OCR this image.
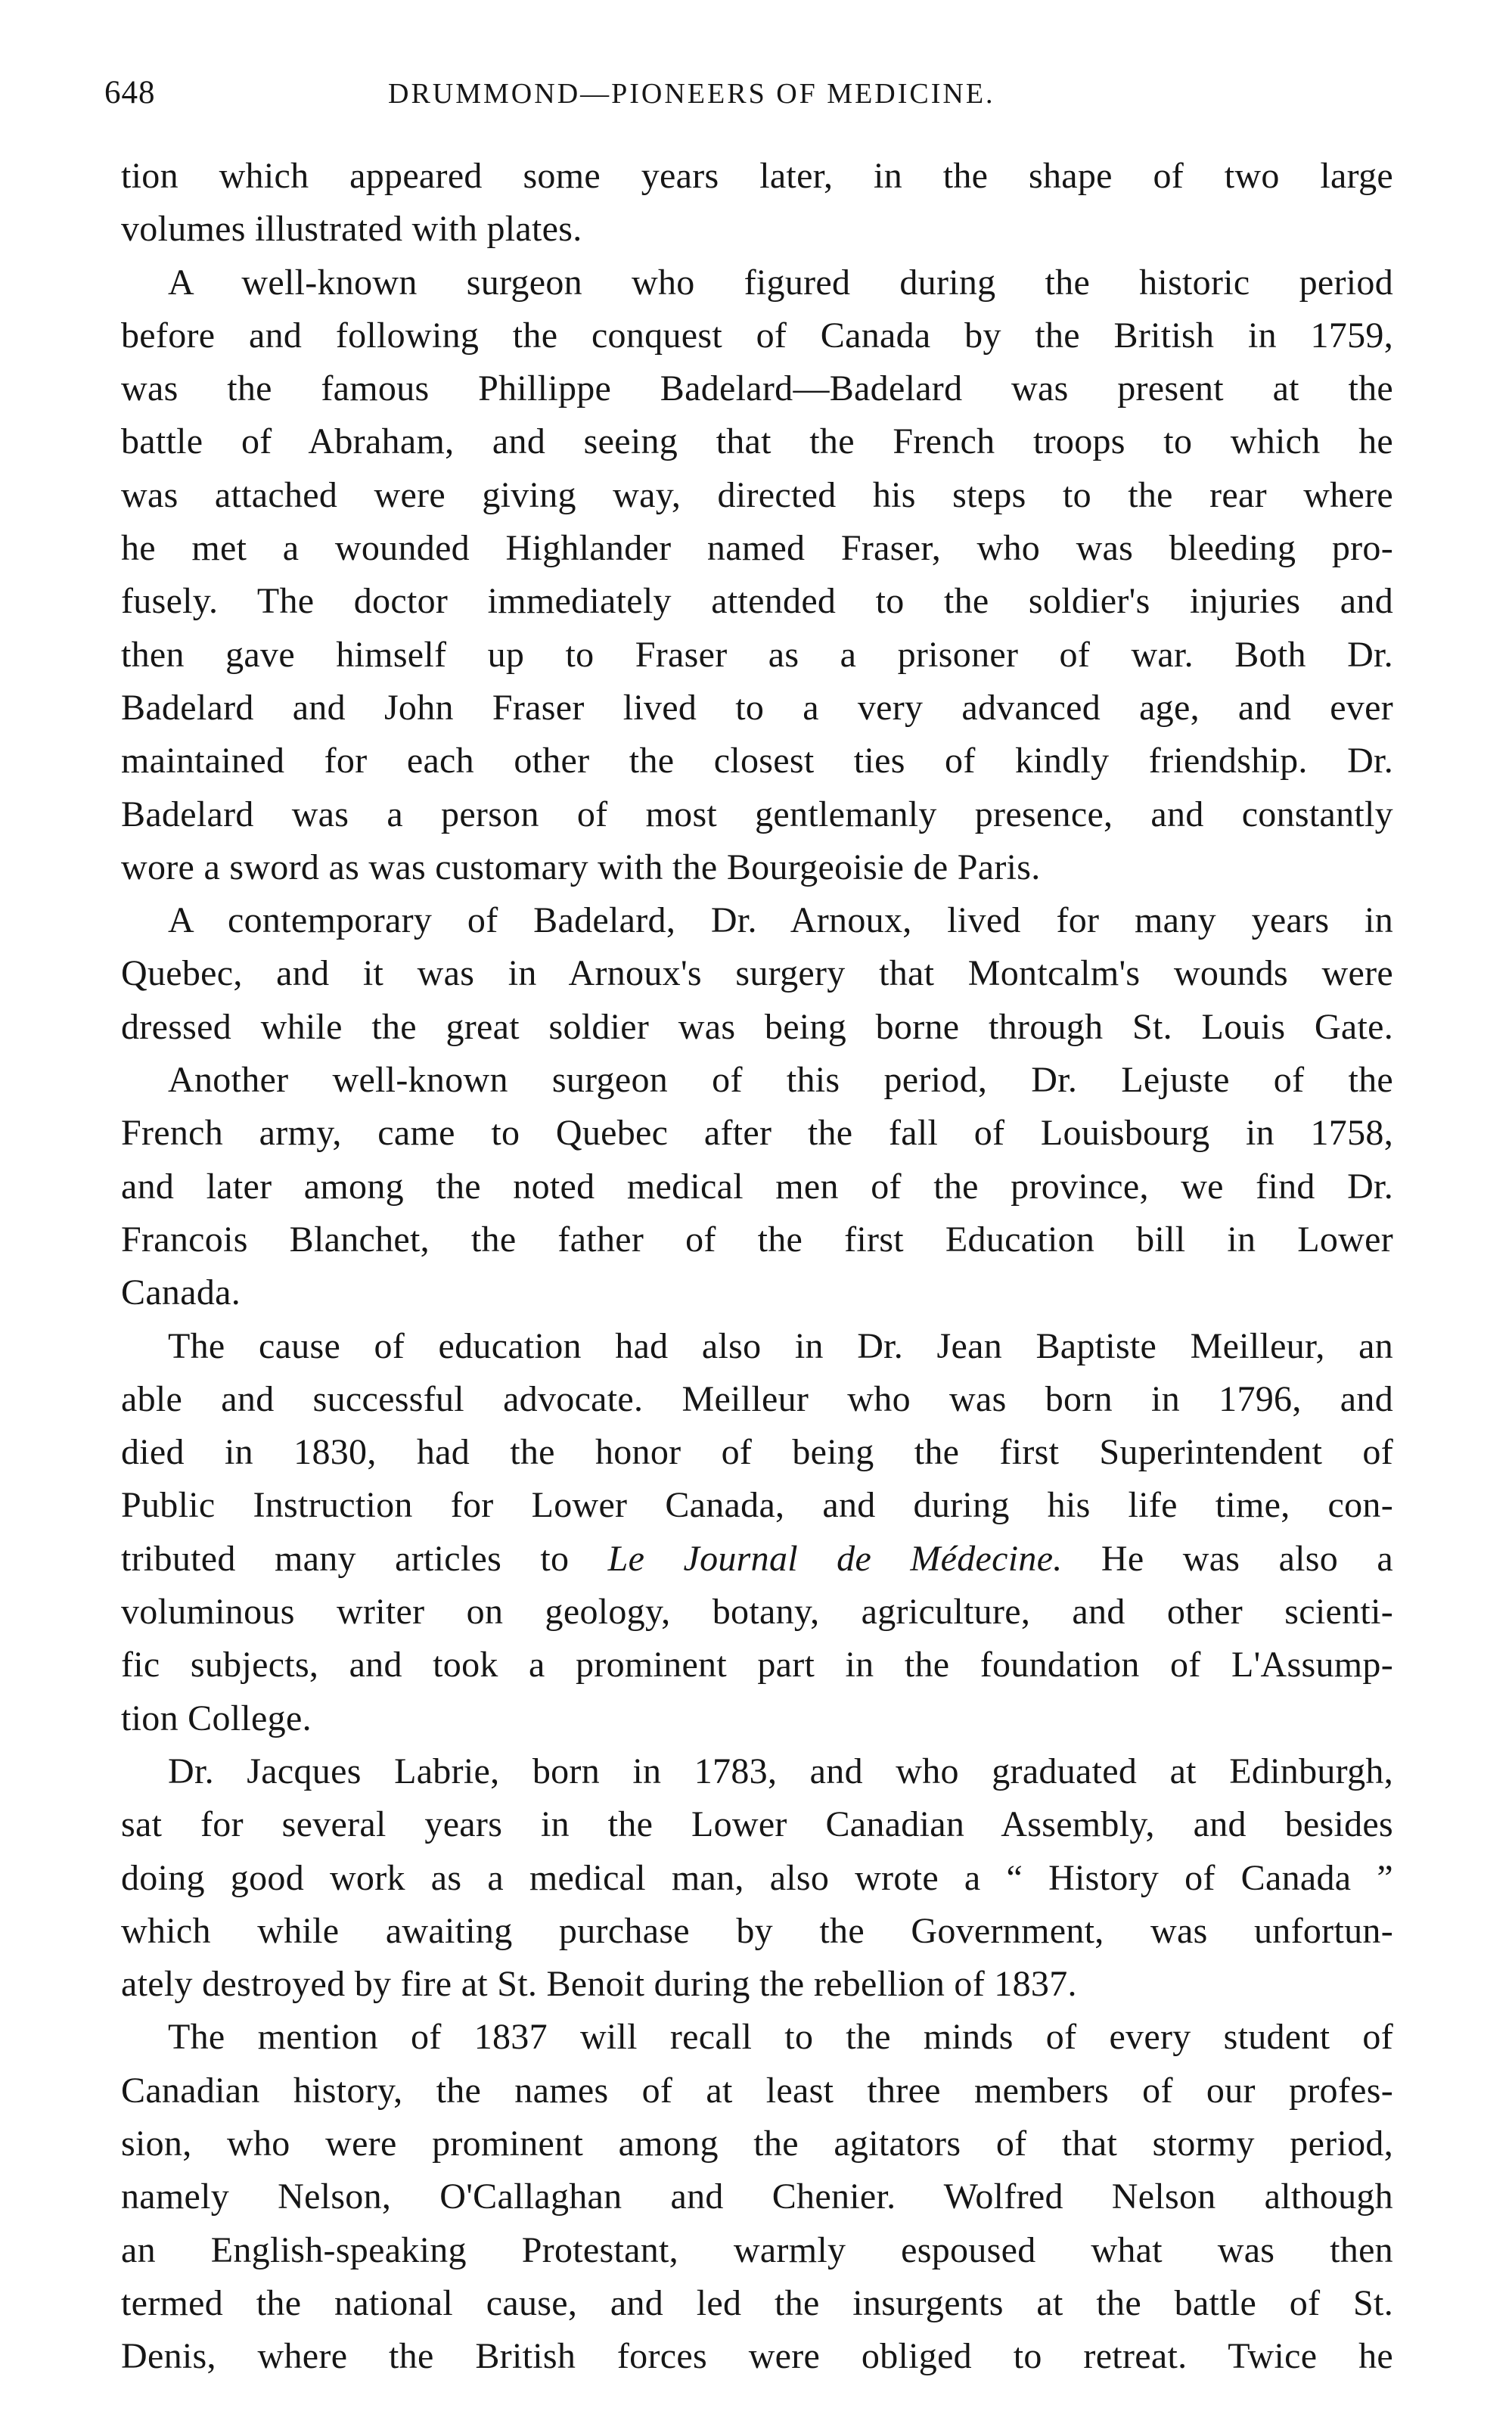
648	DRUMMOND—PIONEERS OF MEDICINE.
tion which appeared some years later, in the shape of two large
volumes illustrated with plates.
A well-known surgeon who figured during the historic period
before and following the conquest of Canada by the British in 1759,
was the famous Phillippe Badelard—Badelard was present at the
battle of Abraham, and seeing that the French troops to which he
was attached were giving way, directed his steps to the rear where
he met a wounded Highlander named Fraser, who was bleeding pro-
fusely. The doctor immediately attended to the soldier's injuries and
then gave himself up to Fraser as a prisoner of war. Both Dr.
Badelard and John Fraser lived to a very advanced age, and ever
maintained for each other the closest ties of kindly friendship. Dr.
Badelard was a person of most gentlemanly presence, and constantly
wore a sword as was customary with the Bourgeoisie de Paris.
A contemporary of Badelard, Dr. Arnoux, lived for many years in
Quebec, and it was in Arnoux's surgery that Montcalm's wounds were
dressed while the great soldier was being borne through St. Louis Gate.
Another well-known surgeon of this period, Dr. Lejuste of the
French army, came to Quebec after the fall of Louisbourg in 1758,
and later among the noted medical men of the province, we find Dr.
Francois Blanchet, the father of the first Education bill in Lower
Canada.
The cause of education had also in Dr. Jean Baptiste Meilleur, an
able and successful advocate. Meilleur who was born in 1796, and
died in 1830, had the honor of being the first Superintendent of
Public Instruction for Lower Canada, and during his life time, con-
tributed many articles to Le Journal de Médecine. He was also a
voluminous writer on geology, botany, agriculture, and other scienti-
fic subjects, and took a prominent part in the foundation of L'Assump-
tion College.
Dr. Jacques Labrie, born in 1783, and who graduated at Edinburgh,
sat for several years in the Lower Canadian Assembly, and besides
doing good work as a medical man, also wrote a “ History of Canada ”
which while awaiting purchase by the Government, was unfortun-
ately destroyed by fire at St. Benoit during the rebellion of 1837.
The mention of 1837 will recall to the minds of every student of
Canadian history, the names of at least three members of our profes-
sion, who were prominent among the agitators of that stormy period,
namely Nelson, O'Callaghan and Chenier. Wolfred Nelson although
an English-speaking Protestant, warmly espoused what was then
termed the national cause, and led the insurgents at the battle of St.
Denis, where the British forces were obliged to retreat. Twice he
